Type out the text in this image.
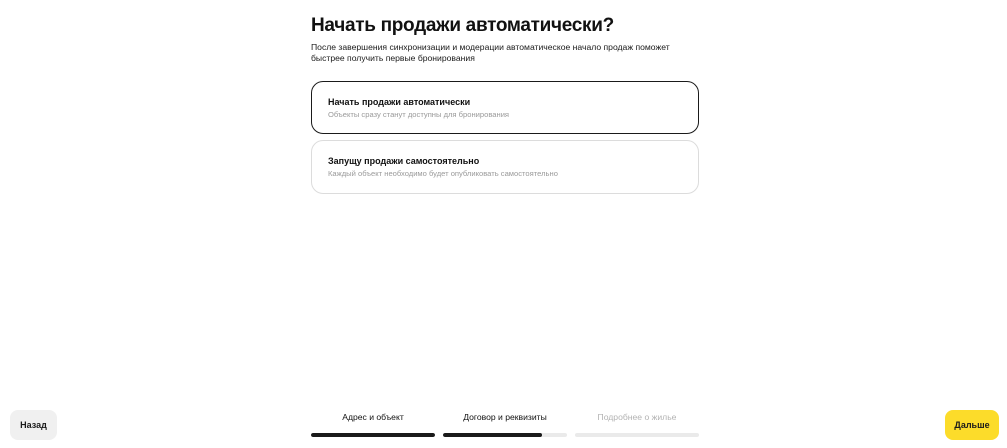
Начать продажи автоматически?

После завершения синхронизации и модерации автоматическое начало продаж поможет быстрее получить первые бронирования

Начать продажи автоматически
Объекты сразу станут доступны для бронирования
Запущу продажи самостоятельно
Каждый объект необходимо будет опубликовать самостоятельно
Назад
Адрес и объект	Договор и реквизиты	Подробнее о жилье
Дальше
